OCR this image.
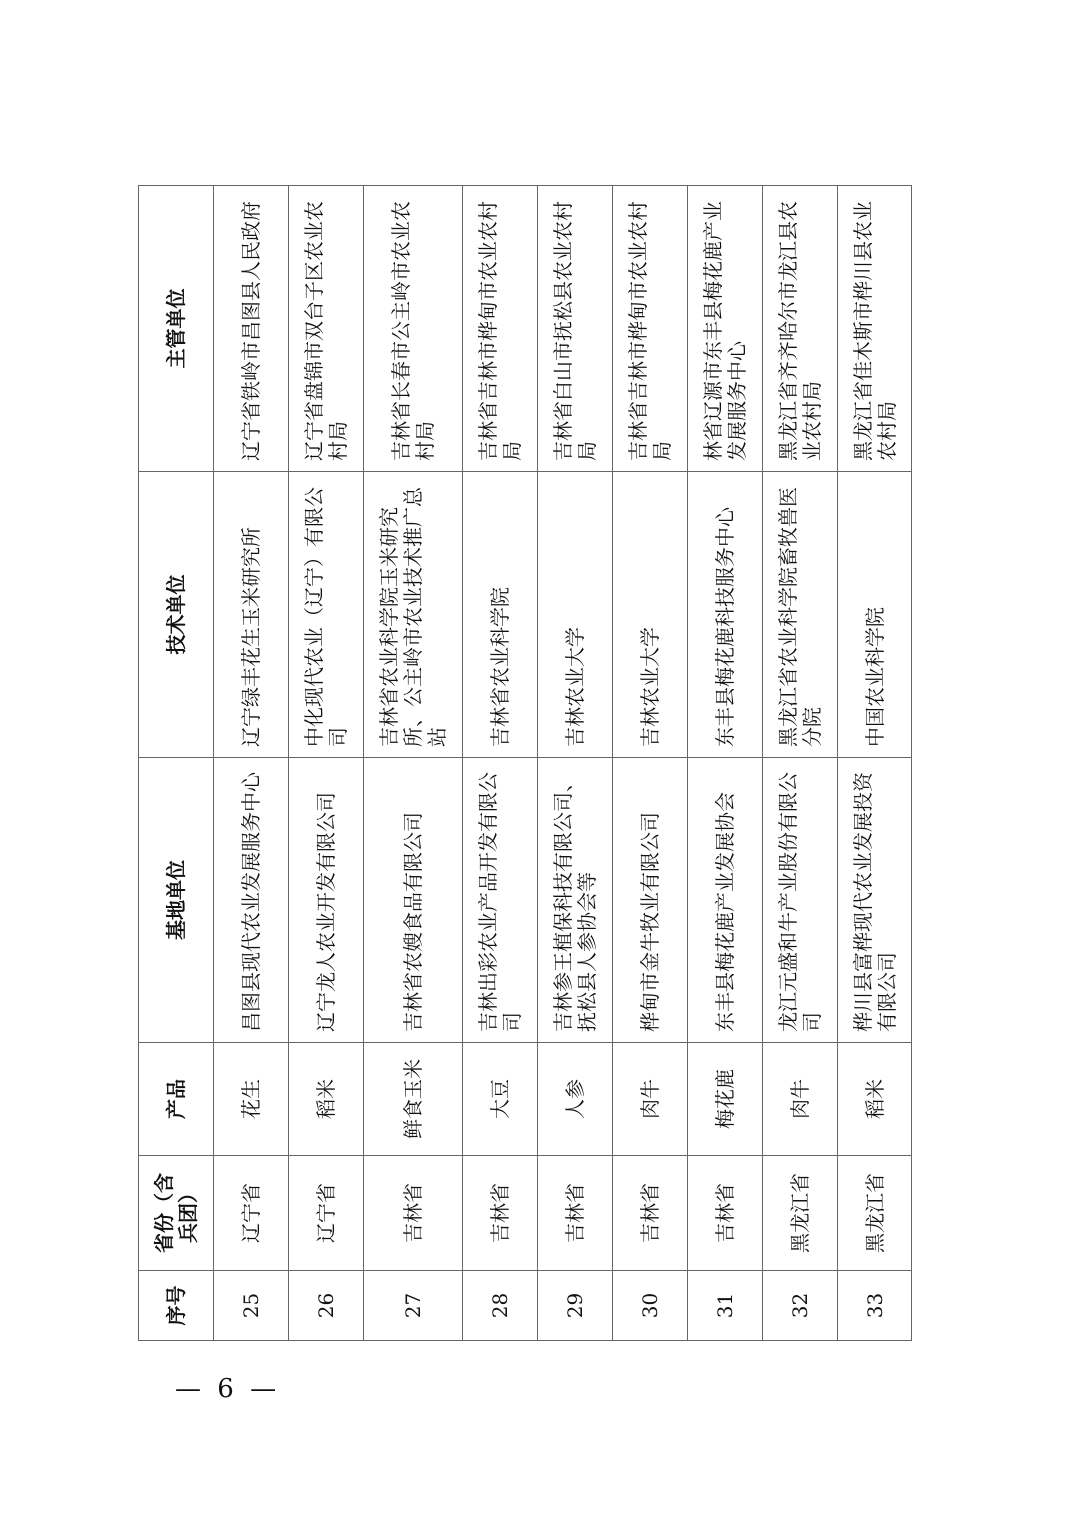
序号	省份（含兵团）	产品	基地单位	技术单位	主管单位
25	辽宁省	花生	昌图县现代农业发展服务中心	辽宁绿丰花生玉米研究所	辽宁省铁岭市昌图县人民政府
26	辽宁省	稻米	辽宁龙人农业开发有限公司	中化现代农业（辽宁）有限公司	辽宁省盘锦市双台子区农业农村局
27	吉林省	鲜食玉米	吉林省农嫂食品有限公司	吉林省农业科学院玉米研究所、公主岭市农业技术推广总站	吉林省长春市公主岭市农业农村局
28	吉林省	大豆	吉林出彩农业产品开发有限公司	吉林省农业科学院	吉林省吉林市桦甸市农业农村局
29	吉林省	人参	吉林参王植保科技有限公司、抚松县人参协会等	吉林农业大学	吉林省白山市抚松县农业农村局
30	吉林省	肉牛	桦甸市金牛牧业有限公司	吉林农业大学	吉林省吉林市桦甸市农业农村局
31	吉林省	梅花鹿	东丰县梅花鹿产业发展协会	东丰县梅花鹿科技服务中心	林省辽源市东丰县梅花鹿产业发展服务中心
32	黑龙江省	肉牛	龙江元盛和牛产业股份有限公司	黑龙江省农业科学院畜牧兽医分院	黑龙江省齐齐哈尔市龙江县农业农村局
33	黑龙江省	稻米	桦川县富桦现代农业发展投资有限公司	中国农业科学院	黑龙江省佳木斯市桦川县农业农村局
— 6 —
